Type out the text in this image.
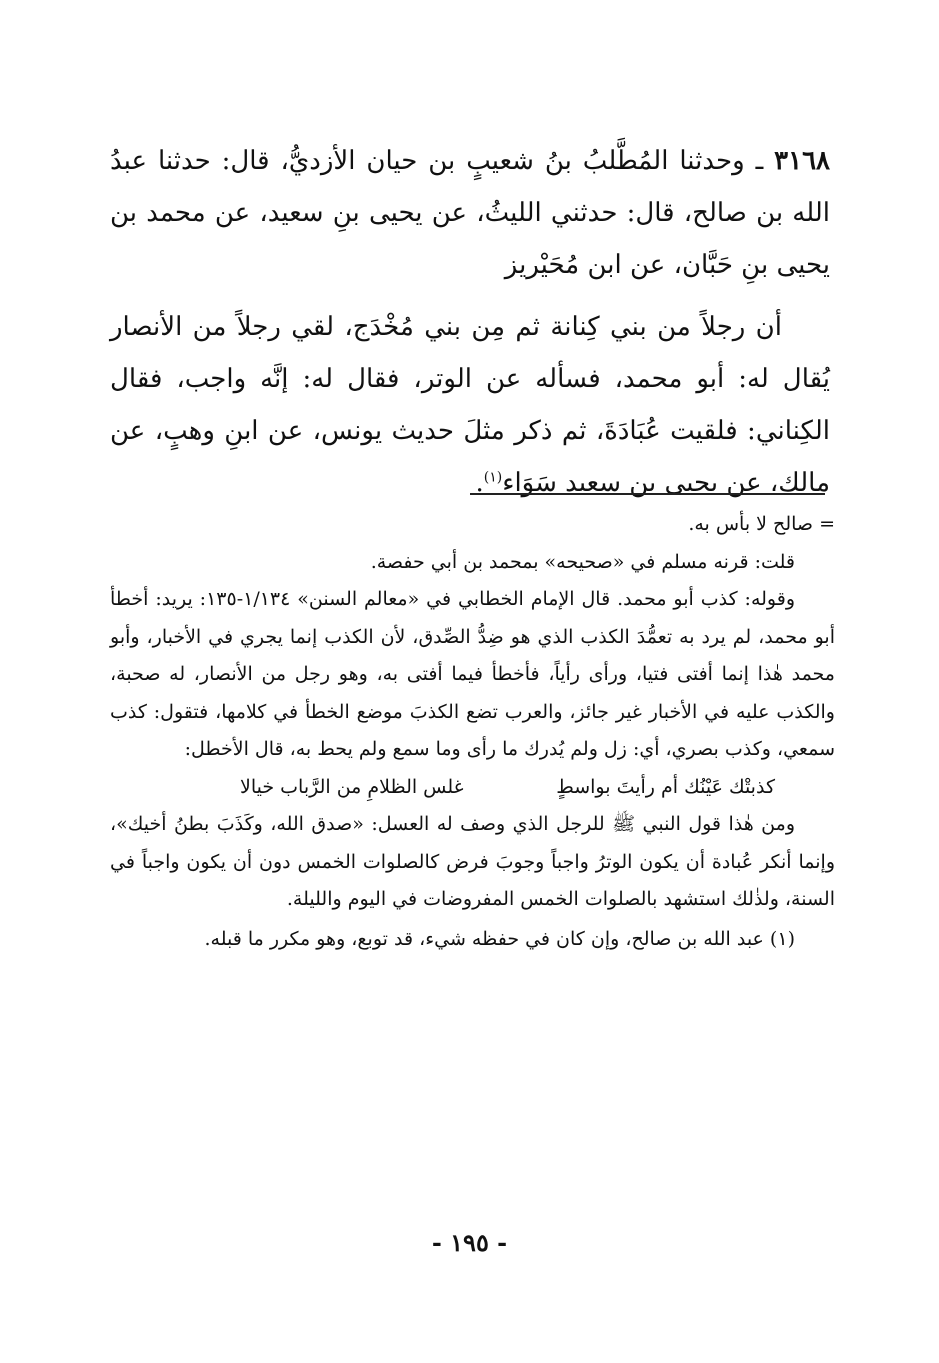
٣١٦٨ ـ وحدثنا المُطَّلبُ بنُ شعيبٍ بن حيان الأزديُّ، قال: حدثنا عبدُ الله بن صالح، قال: حدثني الليثُ، عن يحيى بنِ سعيد، عن محمد بن يحيى بنِ حَبَّان، عن ابن مُحَيْريز

أن رجلاً من بني كِنانة ثم مِن بني مُخْدَج، لقي رجلاً من الأنصار يُقال له: أبو محمد، فسأله عن الوتر، فقال له: إنَّه واجب، فقال الكِناني: فلقيت عُبَادَةَ، ثم ذكر مثلَ حديث يونس، عن ابنِ وهبٍ، عن مالك، عن يحيى بن سعيد سَوَاء$^{(١)}$.

= صالح لا بأس به.

قلت: قرنه مسلم في «صحيحه» بمحمد بن أبي حفصة.

وقوله: كذب أبو محمد. قال الإمام الخطابي في «معالم السنن» ١/١٣٤-١٣٥: يريد: أخطأ أبو محمد، لم يرد به تعمُّدَ الكذب الذي هو ضِدُّ الصِّدق، لأن الكذب إنما يجري في الأخبار، وأبو محمد هٰذا إنما أفتى فتيا، ورأى رأياً، فأخطأ فيما أفتى به، وهو رجل من الأنصار، له صحبة، والكذب عليه في الأخبار غير جائز، والعرب تضع الكذبَ موضع الخطأ في كلامها، فتقول: كذب سمعي، وكذب بصري، أي: زل ولم يُدرك ما رأى وما سمع ولم يحط به، قال الأخطل:

كذبتْك عَيْنُك أم رأيتَ بواسطٍ
غلس الظلامِ من الرَّباب خيالا

ومن هٰذا قول النبي ﷺ للرجل الذي وصف له العسل: «صدق الله، وكَذَبَ بطنُ أخيك»، وإنما أنكر عُبادة أن يكون الوترُ واجباً وجوبَ فرض كالصلوات الخمس دون أن يكون واجباً في السنة، ولذٰلك استشهد بالصلوات الخمس المفروضات في اليوم والليلة.

(١) عبد الله بن صالح، وإن كان في حفظه شيء، قد توبع، وهو مكرر ما قبله.

- ١٩٥ -
